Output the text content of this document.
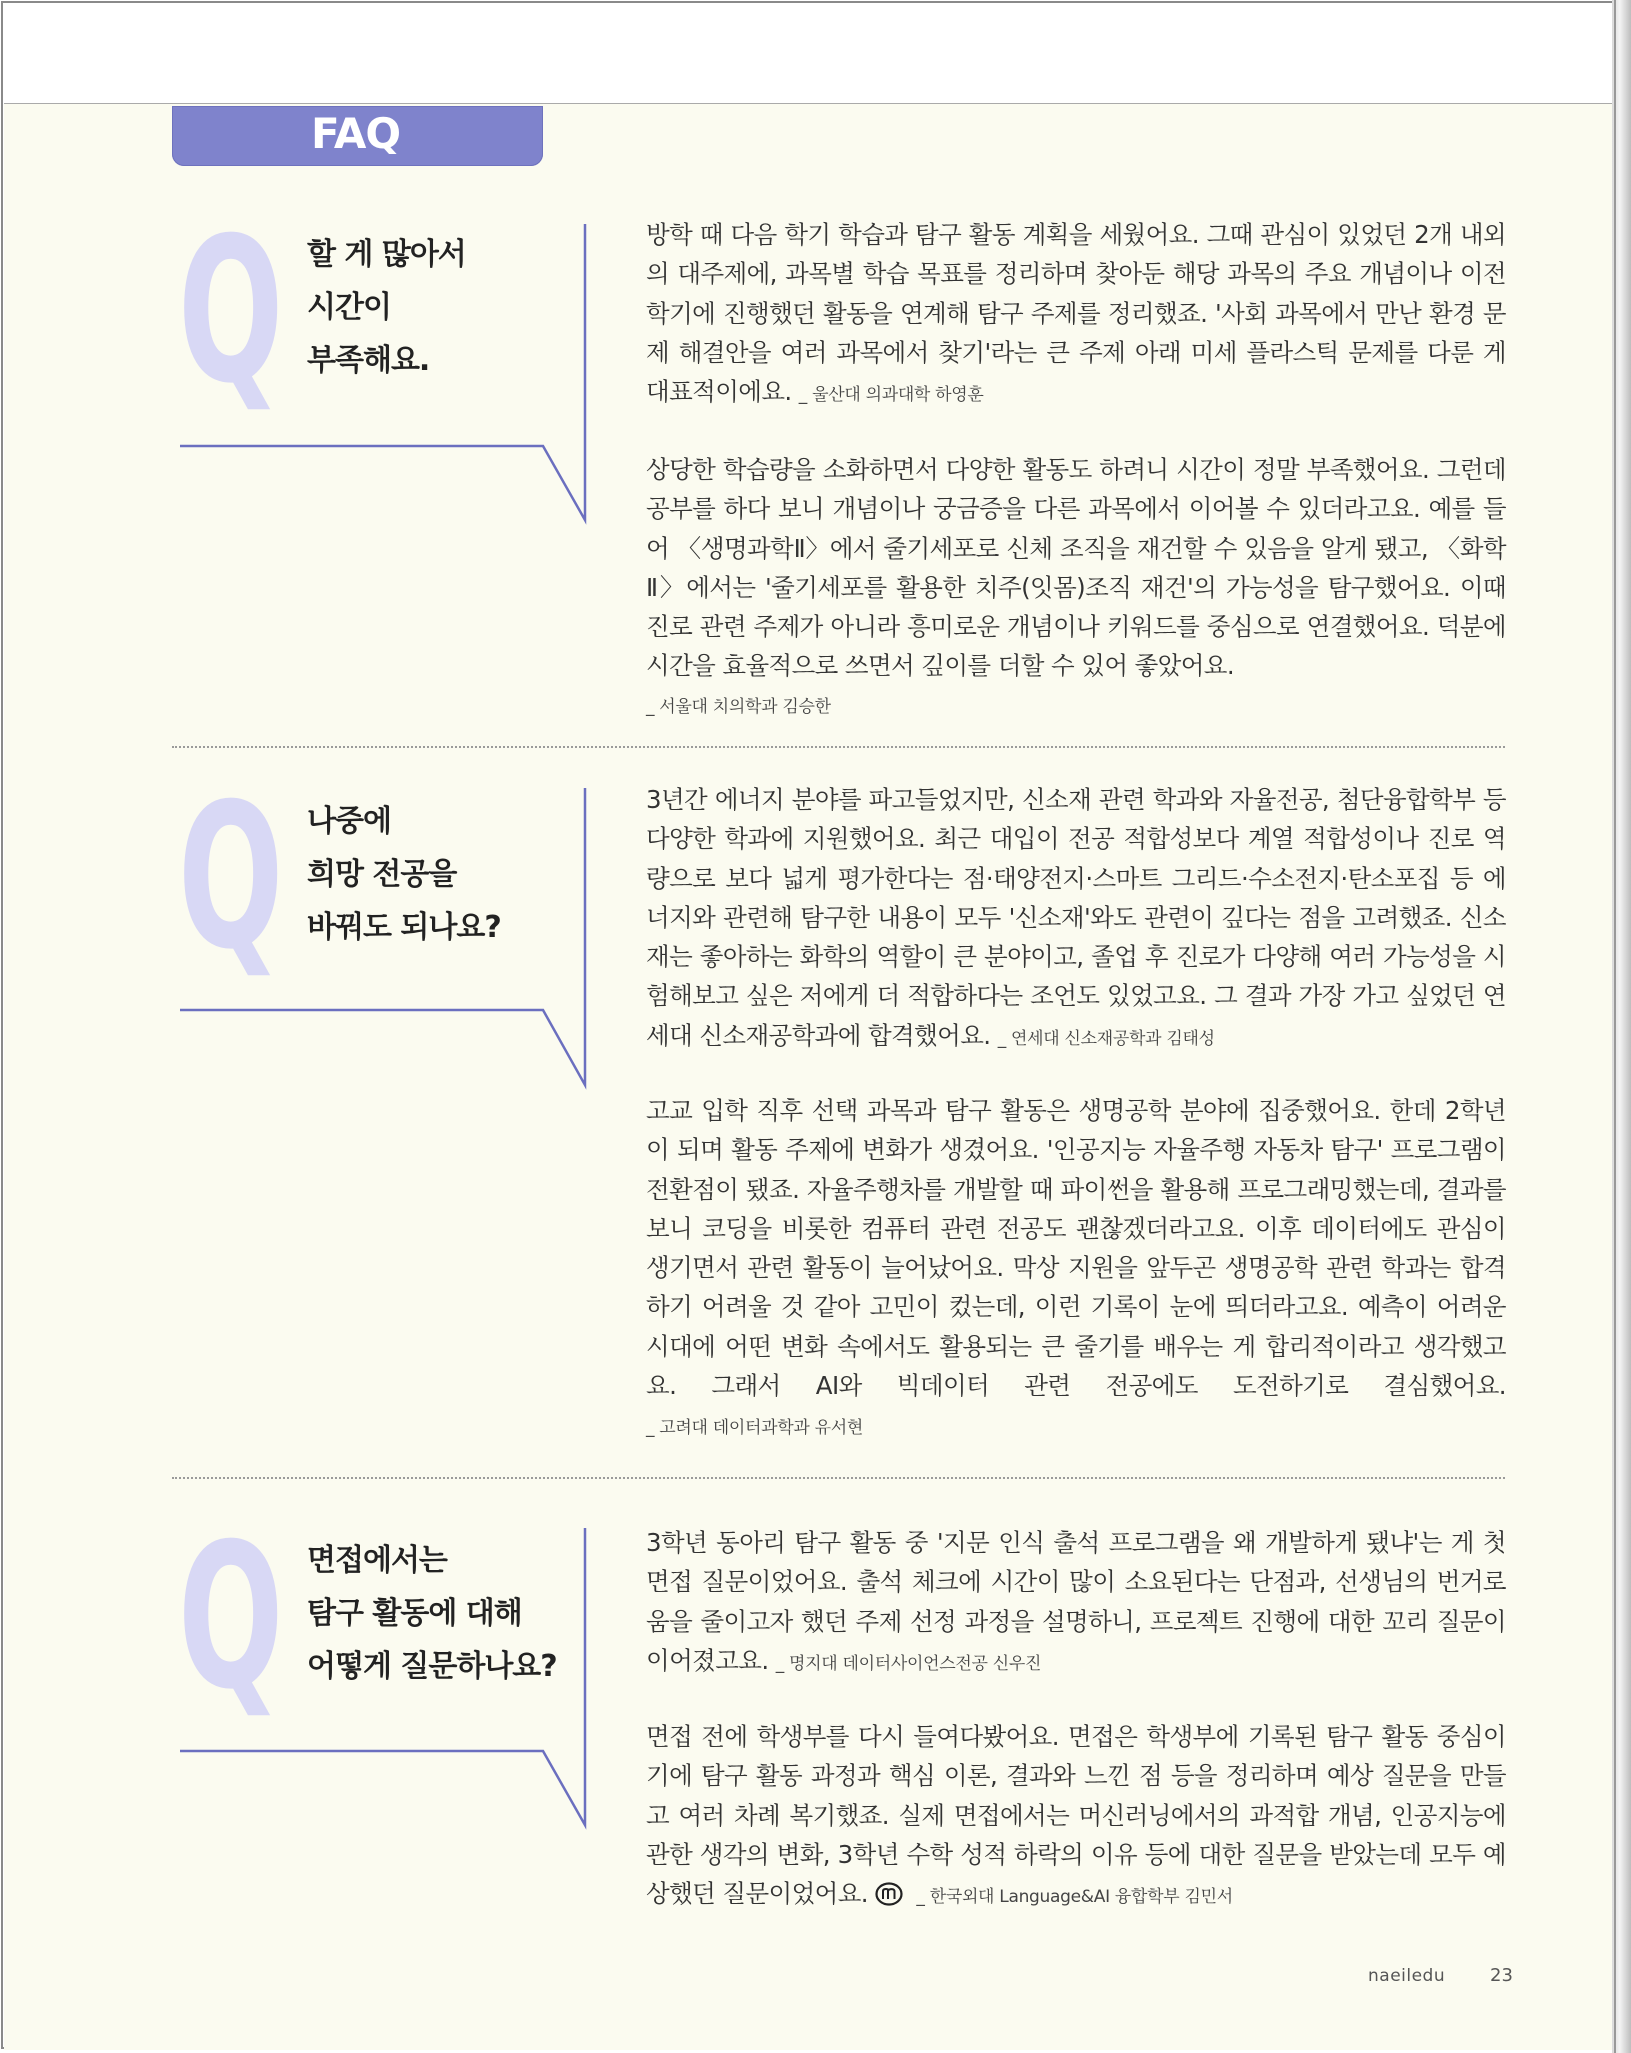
FAQ
Q 할 게 많아서
시간이
부족해요.

방학 때 다음 학기 학습과 탐구 활동 계획을 세웠어요. 그때 관심이 있었던 2개 내외의 대주제에, 과목별 학습 목표를 정리하며 찾아둔 해당 과목의 주요 개념이나 이전 학기에 진행했던 활동을 연계해 탐구 주제를 정리했죠. '사회 과목에서 만난 환경 문제 해결안을 여러 과목에서 찾기'라는 큰 주제 아래 미세 플라스틱 문제를 다룬 게 대표적이에요. _ 울산대 의과대학 하영훈

상당한 학습량을 소화하면서 다양한 활동도 하려니 시간이 정말 부족했어요. 그런데 공부를 하다 보니 개념이나 궁금증을 다른 과목에서 이어볼 수 있더라고요. 예를 들어 〈생명과학Ⅱ〉에서 줄기세포로 신체 조직을 재건할 수 있음을 알게 됐고, 〈화학Ⅱ〉에서는 '줄기세포를 활용한 치주(잇몸)조직 재건'의 가능성을 탐구했어요. 이때 진로 관련 주제가 아니라 흥미로운 개념이나 키워드를 중심으로 연결했어요. 덕분에 시간을 효율적으로 쓰면서 깊이를 더할 수 있어 좋았어요.

_ 서울대 치의학과 김승한
Q 나중에
희망 전공을
바꿔도 되나요?

3년간 에너지 분야를 파고들었지만, 신소재 관련 학과와 자율전공, 첨단융합학부 등 다양한 학과에 지원했어요. 최근 대입이 전공 적합성보다 계열 적합성이나 진로 역량으로 보다 넓게 평가한다는 점·태양전지·스마트 그리드·수소전지·탄소포집 등 에너지와 관련해 탐구한 내용이 모두 '신소재'와도 관련이 깊다는 점을 고려했죠. 신소재는 좋아하는 화학의 역할이 큰 분야이고, 졸업 후 진로가 다양해 여러 가능성을 시험해보고 싶은 저에게 더 적합하다는 조언도 있었고요. 그 결과 가장 가고 싶었던 연세대 신소재공학과에 합격했어요. _ 연세대 신소재공학과 김태성

고교 입학 직후 선택 과목과 탐구 활동은 생명공학 분야에 집중했어요. 한데 2학년이 되며 활동 주제에 변화가 생겼어요. '인공지능 자율주행 자동차 탐구' 프로그램이 전환점이 됐죠. 자율주행차를 개발할 때 파이썬을 활용해 프로그래밍했는데, 결과를 보니 코딩을 비롯한 컴퓨터 관련 전공도 괜찮겠더라고요. 이후 데이터에도 관심이 생기면서 관련 활동이 늘어났어요. 막상 지원을 앞두곤 생명공학 관련 학과는 합격하기 어려울 것 같아 고민이 컸는데, 이런 기록이 눈에 띄더라고요. 예측이 어려운 시대에 어떤 변화 속에서도 활용되는 큰 줄기를 배우는 게 합리적이라고 생각했고요. 그래서 AI와 빅데이터 관련 전공에도 도전하기로 결심했어요. _ 고려대 데이터과학과 유서현

Q 면접에서는
탐구 활동에 대해
어떻게 질문하나요?

3학년 동아리 탐구 활동 중 '지문 인식 출석 프로그램을 왜 개발하게 됐냐'는 게 첫 면접 질문이었어요. 출석 체크에 시간이 많이 소요된다는 단점과, 선생님의 번거로움을 줄이고자 했던 주제 선정 과정을 설명하니, 프로젝트 진행에 대한 꼬리 질문이 이어졌고요. _ 명지대 데이터사이언스전공 신우진

면접 전에 학생부를 다시 들여다봤어요. 면접은 학생부에 기록된 탐구 활동 중심이기에 탐구 활동 과정과 핵심 이론, 결과와 느낀 점 등을 정리하며 예상 질문을 만들고 여러 차례 복기했죠. 실제 면접에서는 머신러닝에서의 과적합 개념, 인공지능에 관한 생각의 변화, 3학년 수학 성적 하락의 이유 등에 대한 질문을 받았는데 모두 예상했던 질문이었어요.	_ 한국외대 Language&AI 융합학부 김민서

naeiledu 23
